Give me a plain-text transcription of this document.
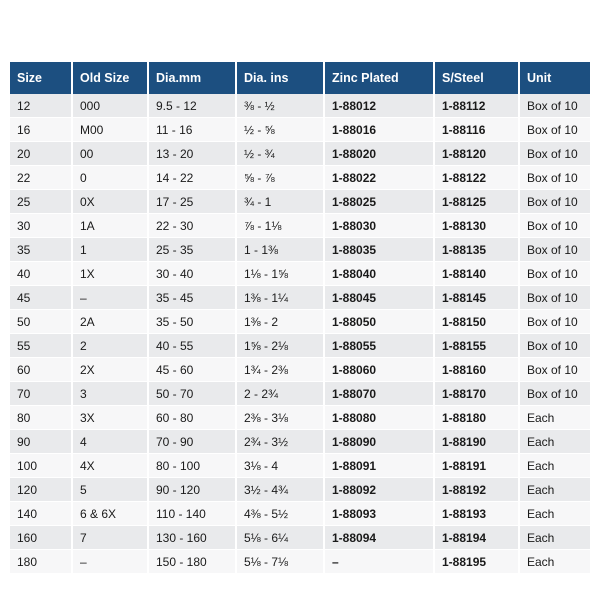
Size	Old Size	Dia.mm	Dia. ins	Zinc Plated	S/Steel	Unit
12	000	9.5 - 12	⅜ - ½	1-88012	1-88112	Box of 10
16	M00	11 - 16	½ - ⅝	1-88016	1-88116	Box of 10
20	00	13 - 20	½ - ¾	1-88020	1-88120	Box of 10
22	0	14 - 22	⅝ - ⅞	1-88022	1-88122	Box of 10
25	0X	17 - 25	¾ - 1	1-88025	1-88125	Box of 10
30	1A	22 - 30	⅞ - 1⅛	1-88030	1-88130	Box of 10
35	1	25 - 35	1 - 1⅜	1-88035	1-88135	Box of 10
40	1X	30 - 40	1⅛ - 1⅝	1-88040	1-88140	Box of 10
45	–	35 - 45	1⅜ - 1¼	1-88045	1-88145	Box of 10
50	2A	35 - 50	1⅜ - 2	1-88050	1-88150	Box of 10
55	2	40 - 55	1⅝ - 2⅛	1-88055	1-88155	Box of 10
60	2X	45 - 60	1¾ - 2⅜	1-88060	1-88160	Box of 10
70	3	50 - 70	2 - 2¾	1-88070	1-88170	Box of 10
80	3X	60 - 80	2⅜ - 3⅛	1-88080	1-88180	Each
90	4	70 - 90	2¾ - 3½	1-88090	1-88190	Each
100	4X	80 - 100	3⅛ - 4	1-88091	1-88191	Each
120	5	90 - 120	3½ - 4¾	1-88092	1-88192	Each
140	6 & 6X	110 - 140	4⅜ - 5½	1-88093	1-88193	Each
160	7	130 - 160	5⅛ - 6¼	1-88094	1-88194	Each
180	–	150 - 180	5⅛ - 7⅛	–	1-88195	Each
